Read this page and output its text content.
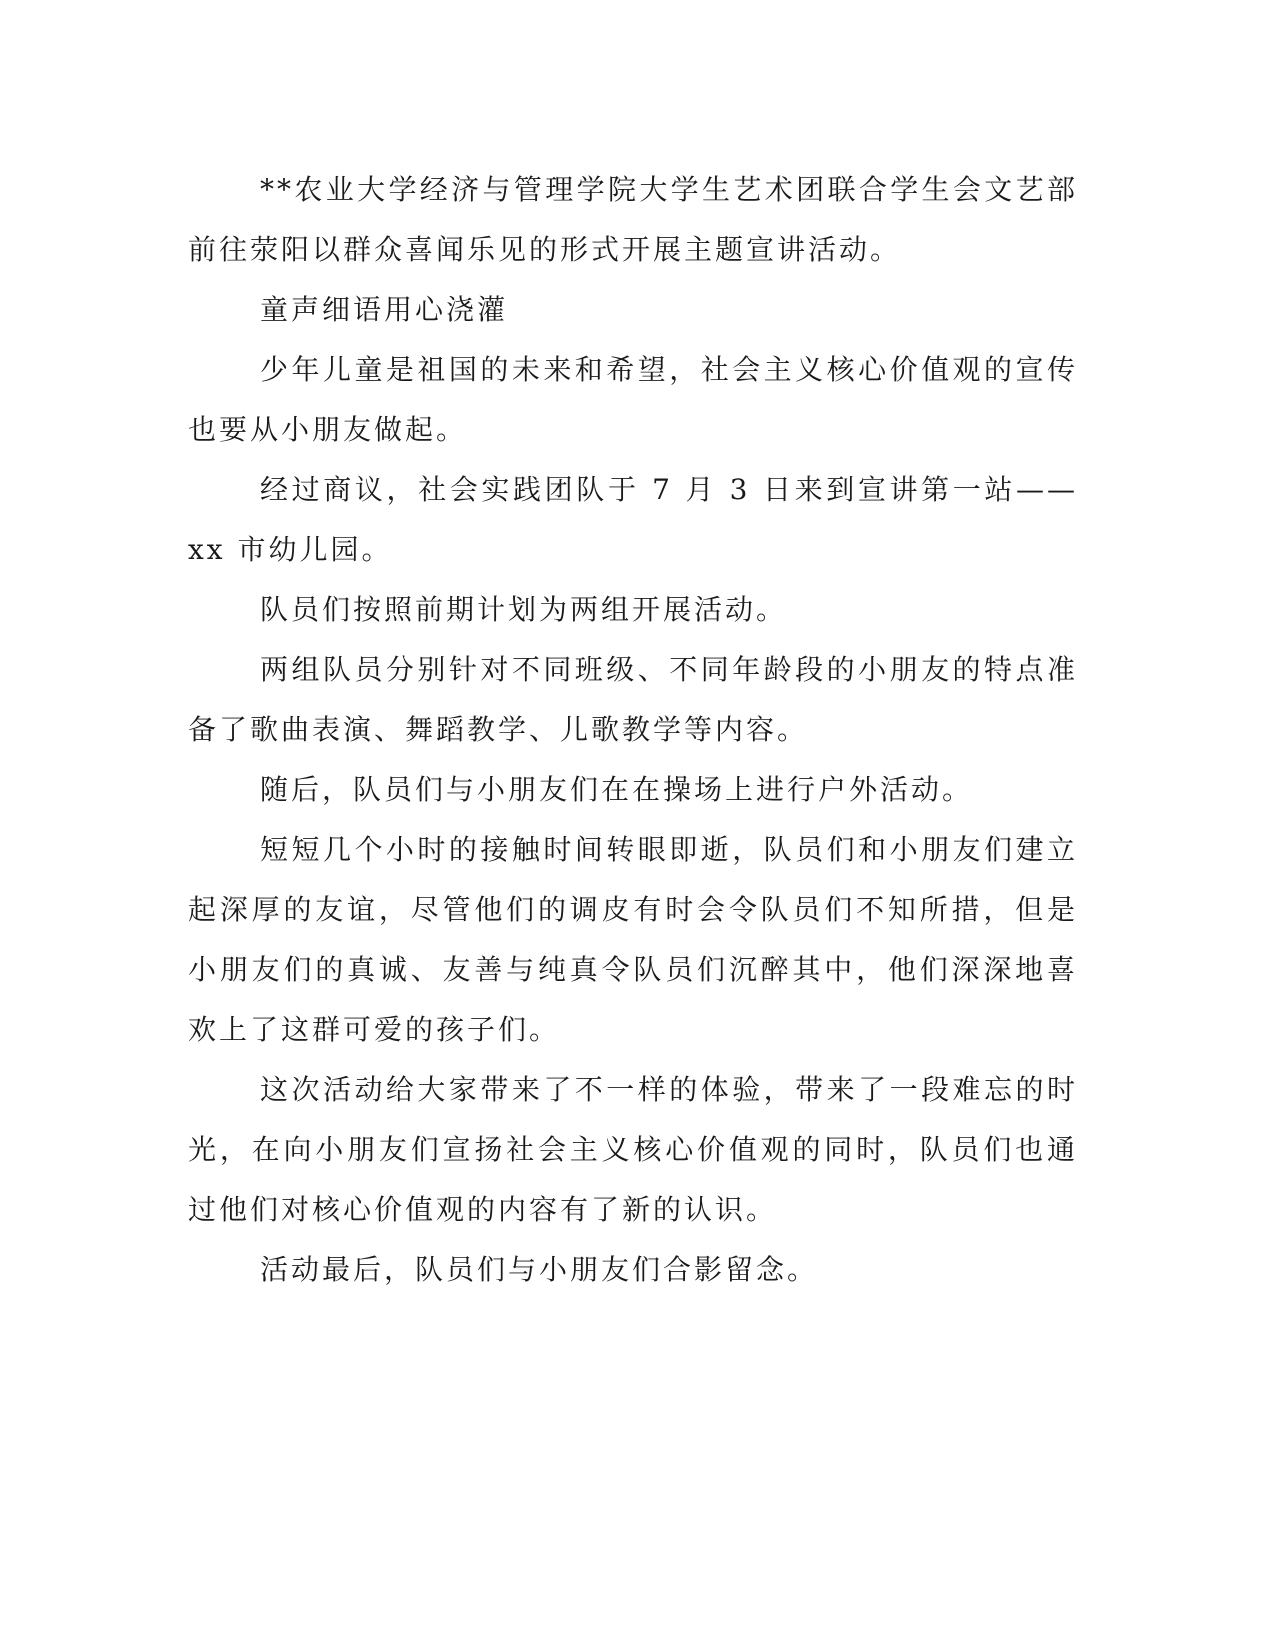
**农业大学经济与管理学院大学生艺术团联合学生会文艺部前往荥阳以群众喜闻乐见的形式开展主题宣讲活动。

童声细语用心浇灌

少年儿童是祖国的未来和希望，社会主义核心价值观的宣传也要从小朋友做起。

经过商议，社会实践团队于 7 月 3 日来到宣讲第一站——xx 市幼儿园。

队员们按照前期计划为两组开展活动。

两组队员分别针对不同班级、不同年龄段的小朋友的特点准备了歌曲表演、舞蹈教学、儿歌教学等内容。

随后，队员们与小朋友们在在操场上进行户外活动。

短短几个小时的接触时间转眼即逝，队员们和小朋友们建立起深厚的友谊，尽管他们的调皮有时会令队员们不知所措，但是小朋友们的真诚、友善与纯真令队员们沉醉其中，他们深深地喜欢上了这群可爱的孩子们。

这次活动给大家带来了不一样的体验，带来了一段难忘的时光，在向小朋友们宣扬社会主义核心价值观的同时，队员们也通过他们对核心价值观的内容有了新的认识。

活动最后，队员们与小朋友们合影留念。
